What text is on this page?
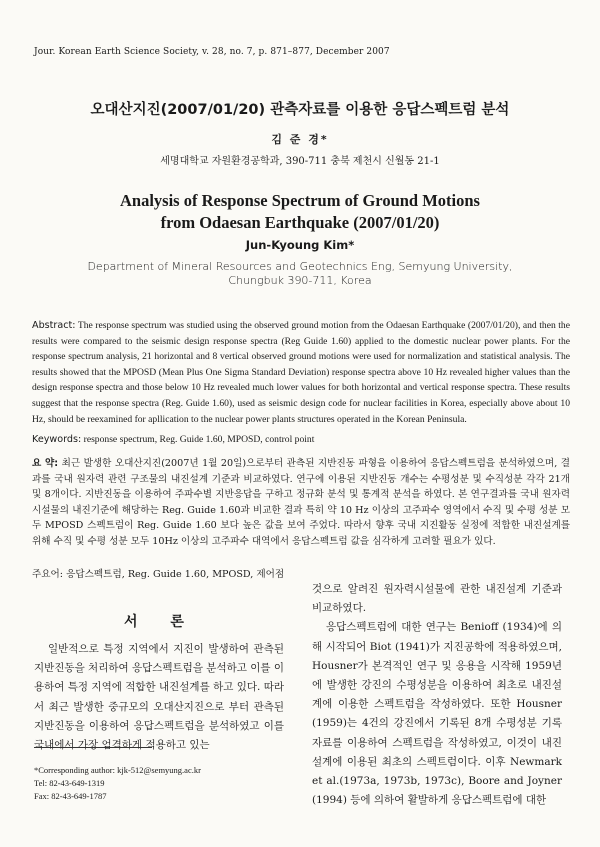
Jour. Korean Earth Science Society, v. 28, no. 7, p. 871–877, December 2007
오대산지진(2007/01/20) 관측자료를 이용한 응답스펙트럼 분석
김 준 경*
세명대학교 자원환경공학과, 390-711 충북 제천시 신월동 21-1
Analysis of Response Spectrum of Ground Motions
from Odaesan Earthquake (2007/01/20)
Jun-Kyoung Kim*
Department of Mineral Resources and Geotechnics Eng, Semyung University,
Chungbuk 390-711, Korea
Abstract: The response spectrum was studied using the observed ground motion from the Odaesan Earthquake (2007/01/20), and then the results were compared to the seismic design response spectra (Reg Guide 1.60) applied to the domestic nuclear power plants. For the response spectrum analysis, 21 horizontal and 8 vertical observed ground motions were used for normalization and statistical analysis. The results showed that the MPOSD (Mean Plus One Sigma Standard Deviation) response spectra above 10 Hz revealed higher values than the design response spectra and those below 10 Hz revealed much lower values for both horizontal and vertical response spectra. These results suggest that the response spectra (Reg. Guide 1.60), used as seismic design code for nuclear facilities in Korea, especially above about 10 Hz, should be reexamined for apllication to the nuclear power plants structures operated in the Korean Peninsula.
Keywords: response spectrum, Reg. Guide 1.60, MPOSD, control point
요 약: 최근 발생한 오대산지진(2007년 1월 20일)으로부터 관측된 지반진동 파형을 이용하여 응답스펙트럼을 분석하였으며, 결과를 국내 원자력 관련 구조물의 내진설계 기준과 비교하였다. 연구에 이용된 지반진동 개수는 수평성분 및 수직성분 각각 21개 및 8개이다. 지반진동을 이용하여 주파수별 지반응답을 구하고 정규화 분석 및 통계적 분석을 하였다. 본 연구결과를 국내 원자력시설물의 내진기준에 해당하는 Reg. Guide 1.60과 비교한 결과 특히 약 10 Hz 이상의 고주파수 영역에서 수직 및 수평 성분 모두 MPOSD 스펙트럼이 Reg. Guide 1.60 보다 높은 값을 보여 주었다. 따라서 향후 국내 지진활동 실정에 적합한 내진설계를 위해 수직 및 수평 성분 모두 10Hz 이상의 고주파수 대역에서 응답스펙트럼 값을 심각하게 고려할 필요가 있다.
주요어: 응답스펙트럼, Reg. Guide 1.60, MPOSD, 제어점
서 론

일반적으로 특정 지역에서 지진이 발생하여 관측된 지반진동을 처리하여 응답스펙트럼을 분석하고 이를 이용하여 특정 지역에 적합한 내진설계를 하고 있다. 따라서 최근 발생한 중규모의 오대산지진으로 부터 관측된 지반진동을 이용하여 응답스펙트럼을 분석하였고 이를 국내에서 가장 엄격하게 적용하고 있는

것으로 알려진 원자력시설물에 관한 내진설계 기준과 비교하였다.

응답스펙트럼에 대한 연구는 Benioff (1934)에 의해 시작되어 Biot (1941)가 지진공학에 적용하였으며, Housner가 본격적인 연구 및 응용을 시작해 1959년에 발생한 강진의 수평성분을 이용하여 최초로 내진설계에 이용한 스펙트럼을 작성하였다. 또한 Housner (1959)는 4건의 강진에서 기록된 8개 수평성분 기록 자료를 이용하여 스펙트럼을 작성하였고, 이것이 내진설계에 이용된 최초의 스펙트럼이다. 이후 Newmark et al.(1973a, 1973b, 1973c), Boore and Joyner (1994) 등에 의하여 활발하게 응답스펙트럼에 대한

*Corresponding author: kjk-512@semyung.ac.kr
Tel: 82-43-649-1319
Fax: 82-43-649-1787
